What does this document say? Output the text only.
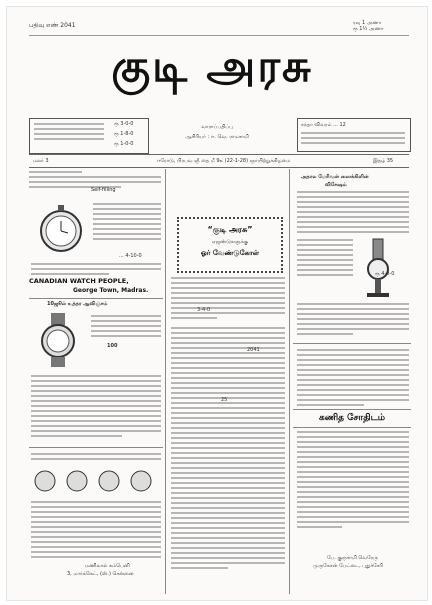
பதிவு எண் 2041	ரவு 1 அணா
ரூ 1½ அணா
குடி அரசு
ரூ 3-0-0
ரூ 1-8-0
ரூ 1-0-0
வாராப்பதிப்பு
ஆசிரியர் : ஈ. வெ. ராமசாமி
சந்தா விவரம் ... 12
மலர் 3	ஈரோடு, பிரபவ ஞீ தை மீ 9௨ (22-1-28) ஞாயிற்றுக்கிழமை	இதழ் 35
Self-filling
... 4-10-0
CANADIAN WATCH PEOPLE,
George Town, Madras.
10ஜூல் உத்தர ஆவிஞ்சம்
100
மணிலால் கம்பெனி
3, மார்க்கெட், (ஸ்.) சென்னை
“குடி அரசு”
ஏஜண்டுகளுக்கு
ஓர் வேண்டுகோள்
2041
அதால மேரிவன் ஸைக்கிளின்
விசேஷம்
ரூ 4-0-0
கணித சோதிடம்
பே. குருசாமி வெரேரு
முருகேசன் பேட்டை, புதுச்சேரி
3-4-0
25
